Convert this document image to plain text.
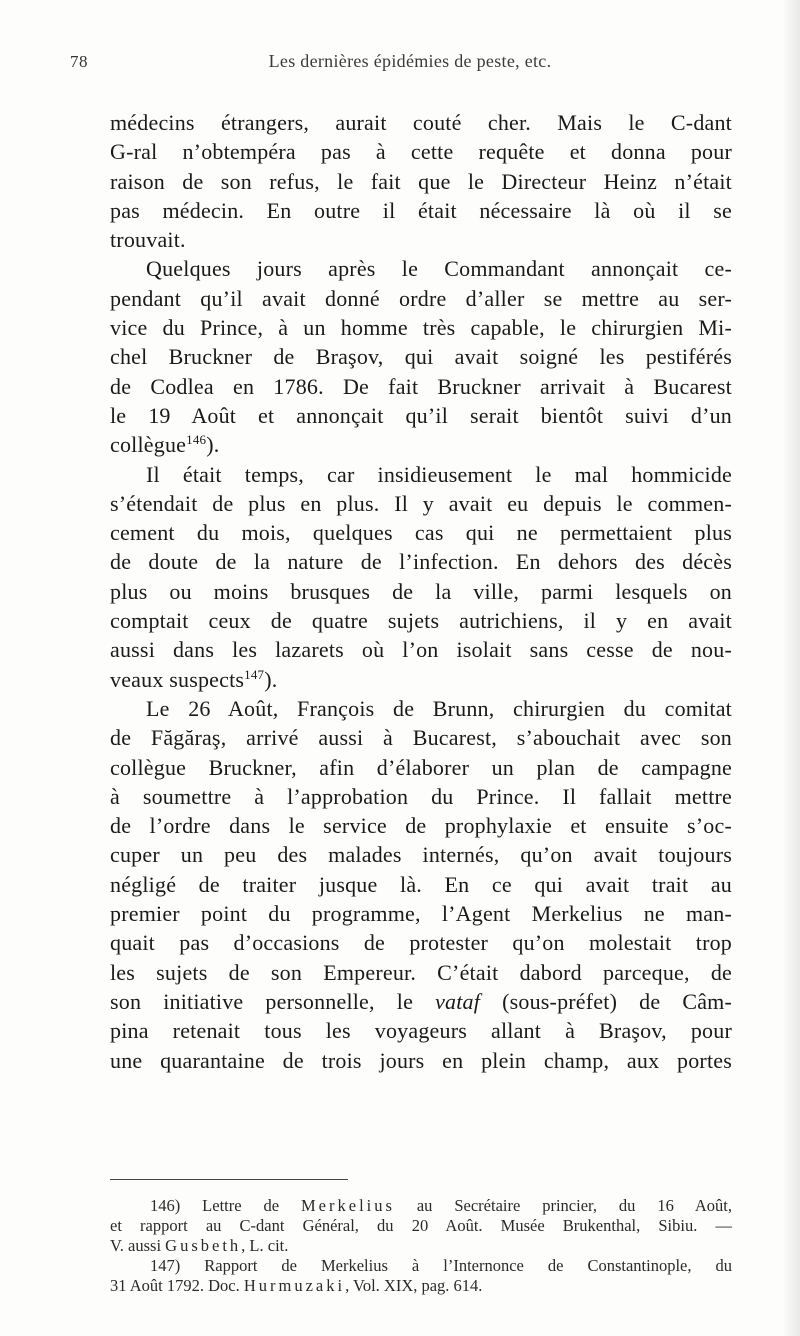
78	Les dernières épidémies de peste, etc.
médecins étrangers, aurait couté cher. Mais le C-dant
G-ral n’obtempéra pas à cette requête et donna pour
raison de son refus, le fait que le Directeur Heinz n’était
pas médecin. En outre il était nécessaire là où il se
trouvait.
Quelques jours après le Commandant annonçait ce-
pendant qu’il avait donné ordre d’aller se mettre au ser-
vice du Prince, à un homme très capable, le chirurgien Mi-
chel Bruckner de Braşov, qui avait soigné les pestiférés
de Codlea en 1786. De fait Bruckner arrivait à Bucarest
le 19 Août et annonçait qu’il serait bientôt suivi d’un
collègue$^{146}$).
Il était temps, car insidieusement le mal hommicide
s’étendait de plus en plus. Il y avait eu depuis le commen-
cement du mois, quelques cas qui ne permettaient plus
de doute de la nature de l’infection. En dehors des décès
plus ou moins brusques de la ville, parmi lesquels on
comptait ceux de quatre sujets autrichiens, il y en avait
aussi dans les lazarets où l’on isolait sans cesse de nou-
veaux suspects$^{147}$).
Le 26 Août, François de Brunn, chirurgien du comitat
de Făgăraş, arrivé aussi à Bucarest, s’abouchait avec son
collègue Bruckner, afin d’élaborer un plan de campagne
à soumettre à l’approbation du Prince. Il fallait mettre
de l’ordre dans le service de prophylaxie et ensuite s’oc-
cuper un peu des malades internés, qu’on avait toujours
négligé de traiter jusque là. En ce qui avait trait au
premier point du programme, l’Agent Merkelius ne man-
quait pas d’occasions de protester qu’on molestait trop
les sujets de son Empereur. C’était dabord parceque, de
son initiative personnelle, le vataf (sous-préfet) de Câm-
pina retenait tous les voyageurs allant à Braşov, pour
une quarantaine de trois jours en plein champ, aux portes
146) Lettre de Merkelius au Secrétaire princier, du 16 Août,
et rapport au C-dant Général, du 20 Août. Musée Brukenthal, Sibiu. —
V. aussi Gusbeth, L. cit.
147) Rapport de Merkelius à l’Internonce de Constantinople, du
31 Août 1792. Doc. Hurmuzaki, Vol. XIX, pag. 614.
